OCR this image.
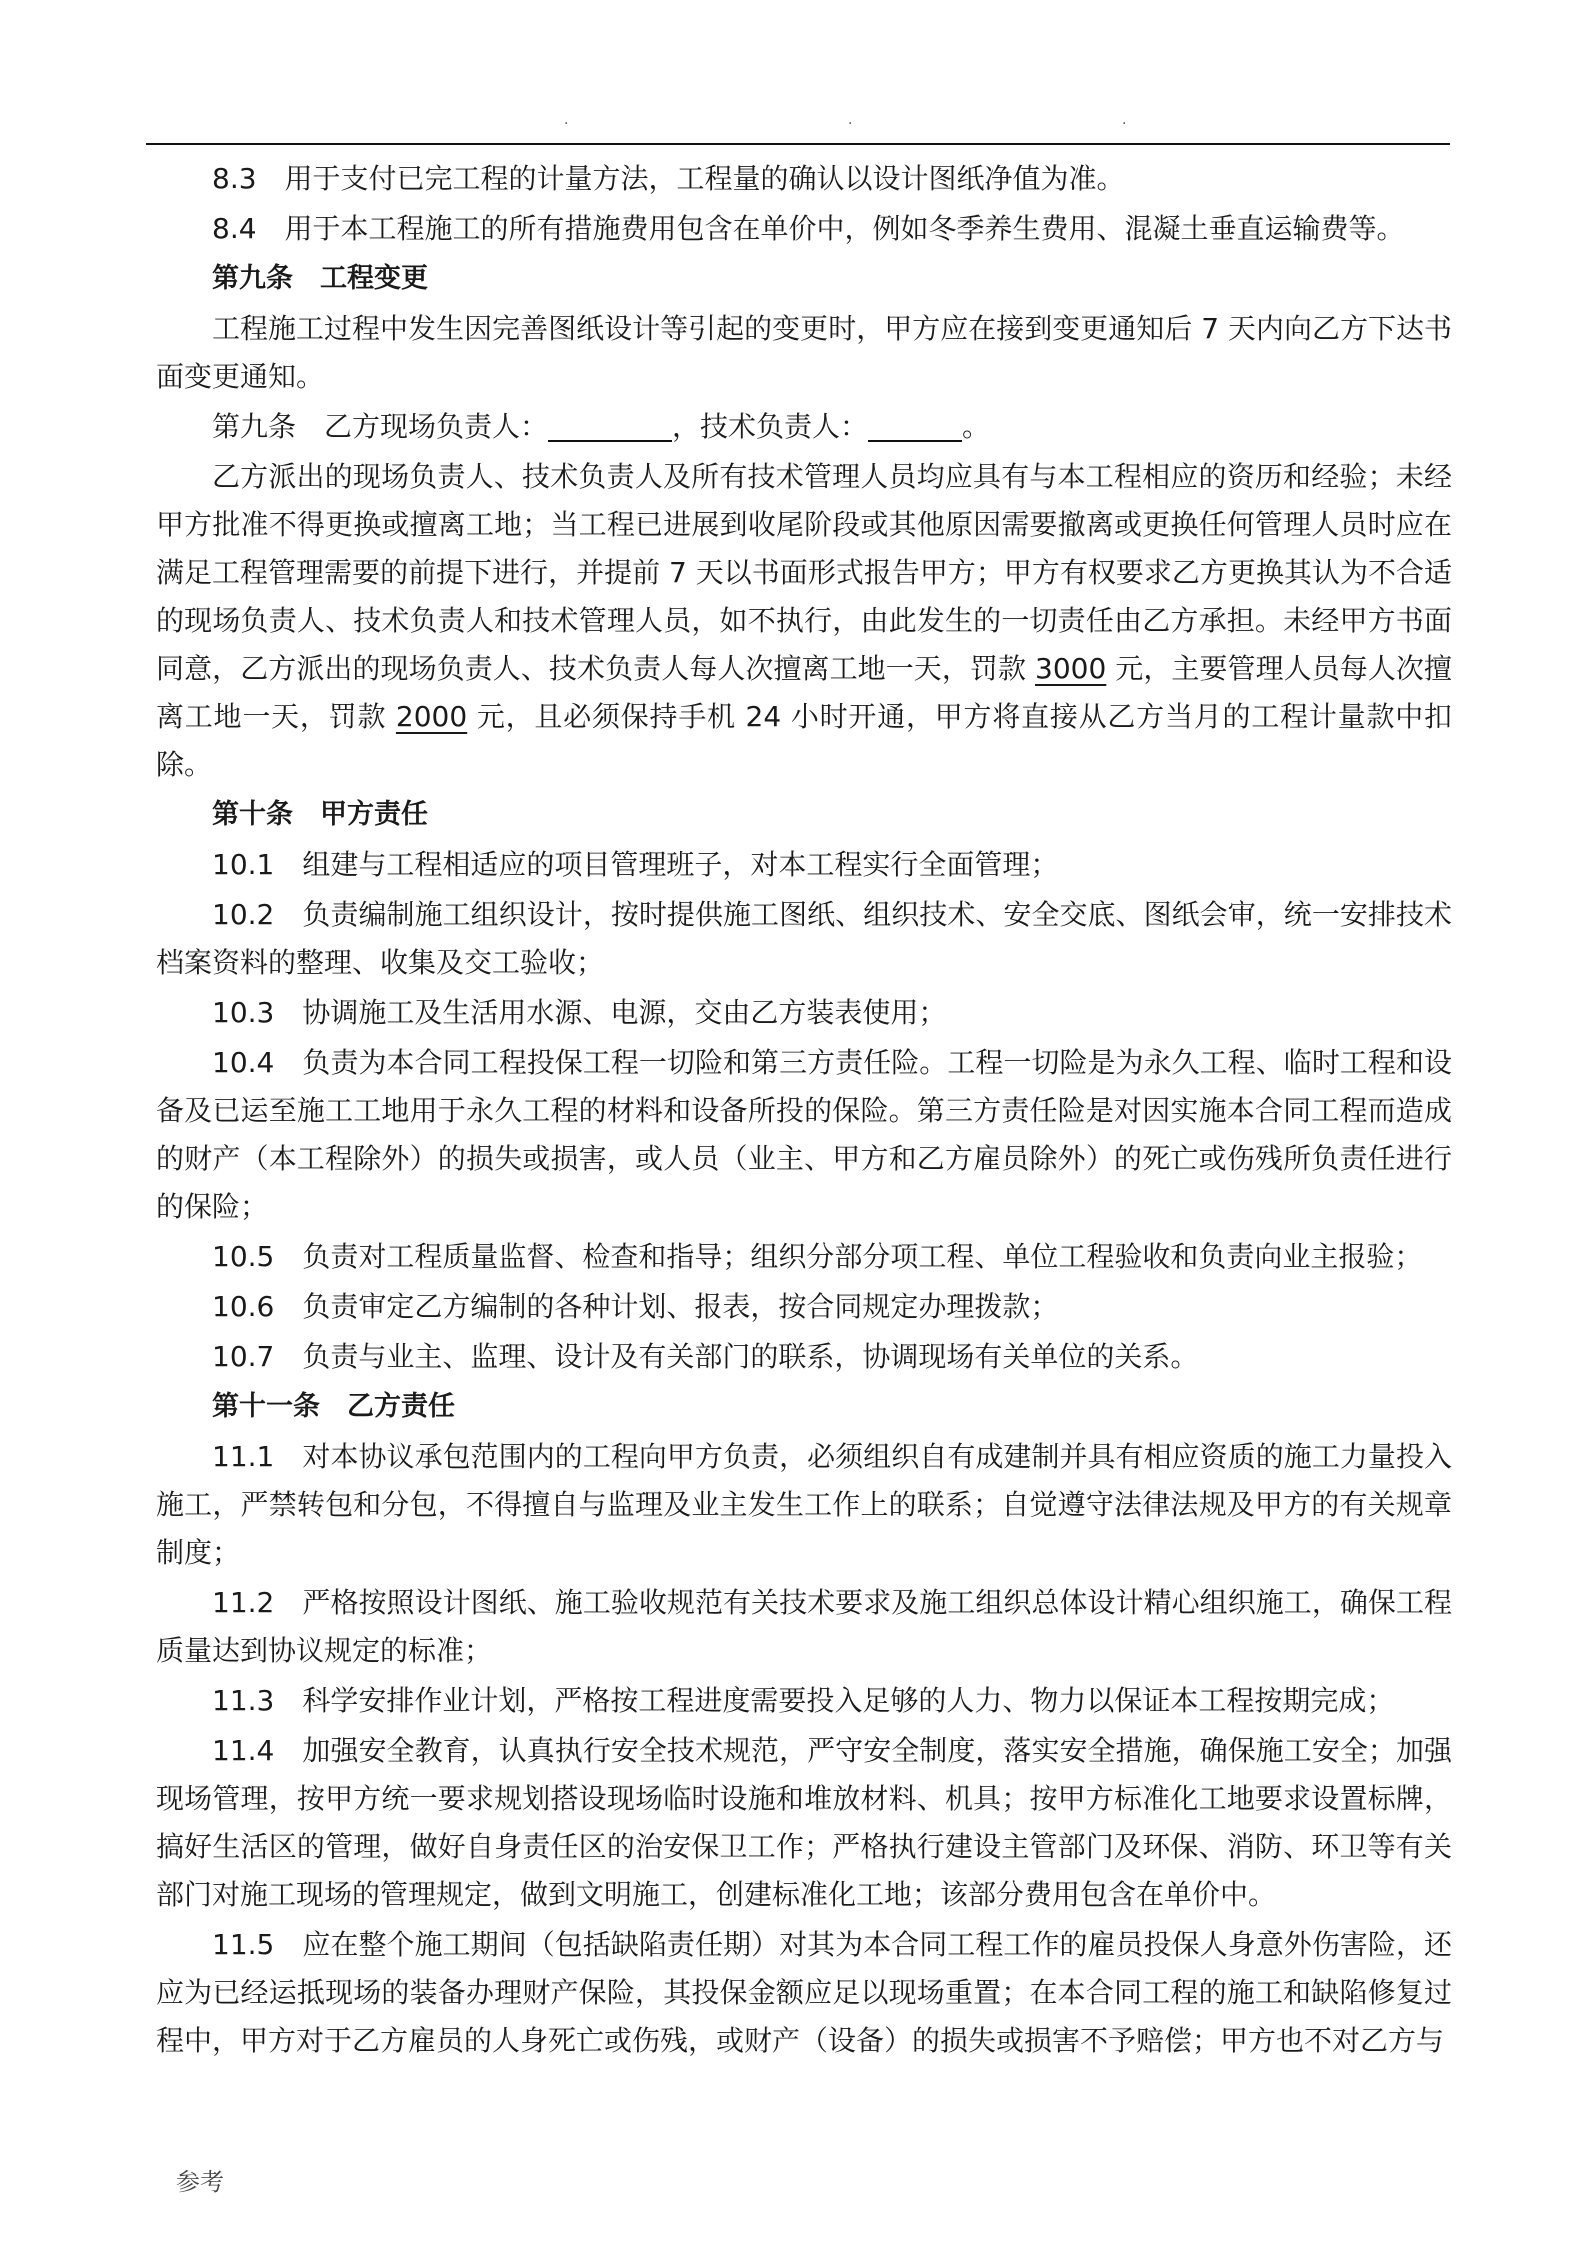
.	.	.

8.3　用于支付已完工程的计量方法，工程量的确认以设计图纸净值为准。

8.4　用于本工程施工的所有措施费用包含在单价中，例如冬季养生费用、混凝土垂直运输费等。

第九条　工程变更

工程施工过程中发生因完善图纸设计等引起的变更时，甲方应在接到变更通知后 7 天内向乙方下达书面变更通知。

第九条　乙方现场负责人：	，技术负责人：	。

乙方派出的现场负责人、技术负责人及所有技术管理人员均应具有与本工程相应的资历和经验；未经甲方批准不得更换或擅离工地；当工程已进展到收尾阶段或其他原因需要撤离或更换任何管理人员时应在满足工程管理需要的前提下进行，并提前 7 天以书面形式报告甲方；甲方有权要求乙方更换其认为不合适的现场负责人、技术负责人和技术管理人员，如不执行，由此发生的一切责任由乙方承担。未经甲方书面同意，乙方派出的现场负责人、技术负责人每人次擅离工地一天，罚款 3000 元，主要管理人员每人次擅离工地一天，罚款 2000 元，且必须保持手机 24 小时开通，甲方将直接从乙方当月的工程计量款中扣除。

第十条　甲方责任

10.1　组建与工程相适应的项目管理班子，对本工程实行全面管理；

10.2　负责编制施工组织设计，按时提供施工图纸、组织技术、安全交底、图纸会审，统一安排技术档案资料的整理、收集及交工验收；

10.3　协调施工及生活用水源、电源，交由乙方装表使用；

10.4　负责为本合同工程投保工程一切险和第三方责任险。工程一切险是为永久工程、临时工程和设备及已运至施工工地用于永久工程的材料和设备所投的保险。第三方责任险是对因实施本合同工程而造成的财产（本工程除外）的损失或损害，或人员（业主、甲方和乙方雇员除外）的死亡或伤残所负责任进行的保险；

10.5　负责对工程质量监督、检查和指导；组织分部分项工程、单位工程验收和负责向业主报验；

10.6　负责审定乙方编制的各种计划、报表，按合同规定办理拨款；

10.7　负责与业主、监理、设计及有关部门的联系，协调现场有关单位的关系。

第十一条　乙方责任

11.1　对本协议承包范围内的工程向甲方负责，必须组织自有成建制并具有相应资质的施工力量投入施工，严禁转包和分包，不得擅自与监理及业主发生工作上的联系；自觉遵守法律法规及甲方的有关规章制度；

11.2　严格按照设计图纸、施工验收规范有关技术要求及施工组织总体设计精心组织施工，确保工程质量达到协议规定的标准；

11.3　科学安排作业计划，严格按工程进度需要投入足够的人力、物力以保证本工程按期完成；

11.4　加强安全教育，认真执行安全技术规范，严守安全制度，落实安全措施，确保施工安全；加强现场管理，按甲方统一要求规划搭设现场临时设施和堆放材料、机具；按甲方标准化工地要求设置标牌，搞好生活区的管理，做好自身责任区的治安保卫工作；严格执行建设主管部门及环保、消防、环卫等有关部门对施工现场的管理规定，做到文明施工，创建标准化工地；该部分费用包含在单价中。

11.5　应在整个施工期间（包括缺陷责任期）对其为本合同工程工作的雇员投保人身意外伤害险，还应为已经运抵现场的装备办理财产保险，其投保金额应足以现场重置；在本合同工程的施工和缺陷修复过程中，甲方对于乙方雇员的人身死亡或伤残，或财产（设备）的损失或损害不予赔偿；甲方也不对乙方与

参考
